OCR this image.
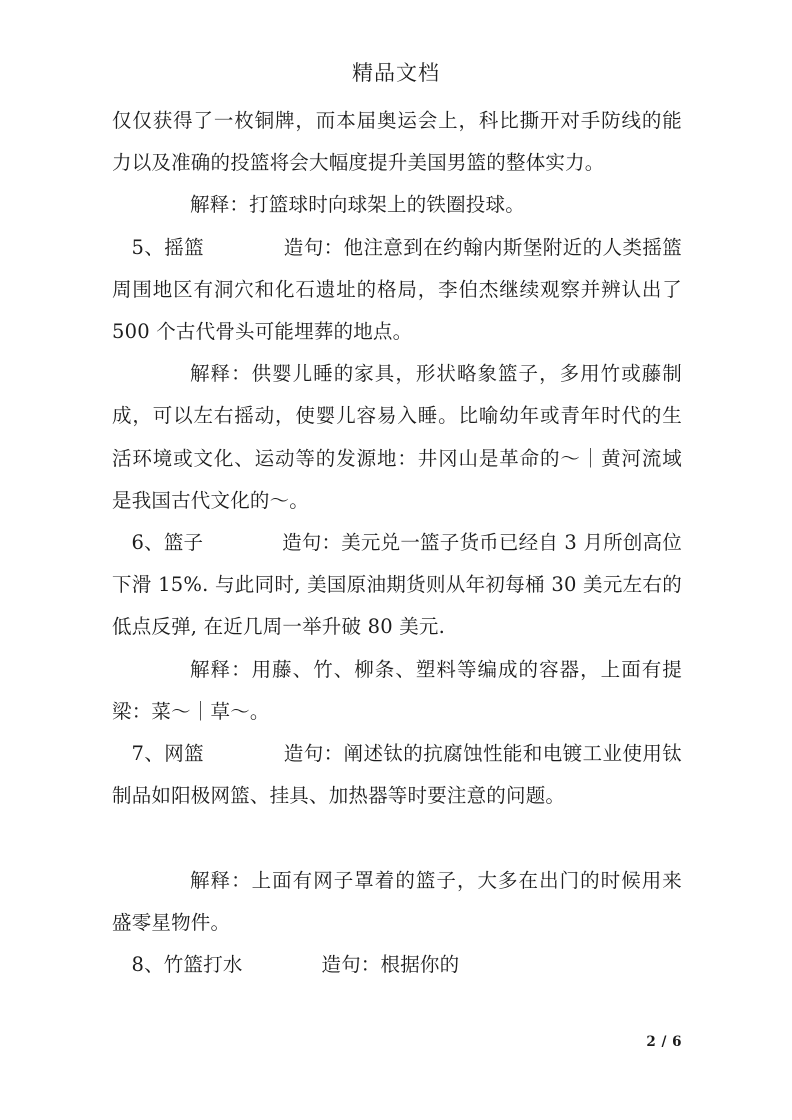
精品文档

仅仅获得了一枚铜牌，而本届奥运会上，科比撕开对手防线的能力以及准确的投篮将会大幅度提升美国男篮的整体实力。

解释：打篮球时向球架上的铁圈投球。

5、摇篮　　　　造句：他注意到在约翰内斯堡附近的人类摇篮周围地区有洞穴和化石遗址的格局，李伯杰继续观察并辨认出了 500 个古代骨头可能埋葬的地点。

解释：供婴儿睡的家具，形状略象篮子，多用竹或藤制成，可以左右摇动，使婴儿容易入睡。比喻幼年或青年时代的生活环境或文化、运动等的发源地：井冈山是革命的～｜黄河流域是我国古代文化的～。

6、篮子　　　　造句：美元兑一篮子货币已经自 3 月所创高位下滑 15%. 与此同时, 美国原油期货则从年初每桶 30 美元左右的低点反弹, 在近几周一举升破 80 美元.

解释：用藤、竹、柳条、塑料等编成的容器，上面有提梁：菜～｜草～。

7、网篮　　　　造句：阐述钛的抗腐蚀性能和电镀工业使用钛制品如阳极网篮、挂具、加热器等时要注意的问题。

解释：上面有网子罩着的篮子，大多在出门的时候用来盛零星物件。

8、竹篮打水　　　　造句：根据你的

2 / 6
